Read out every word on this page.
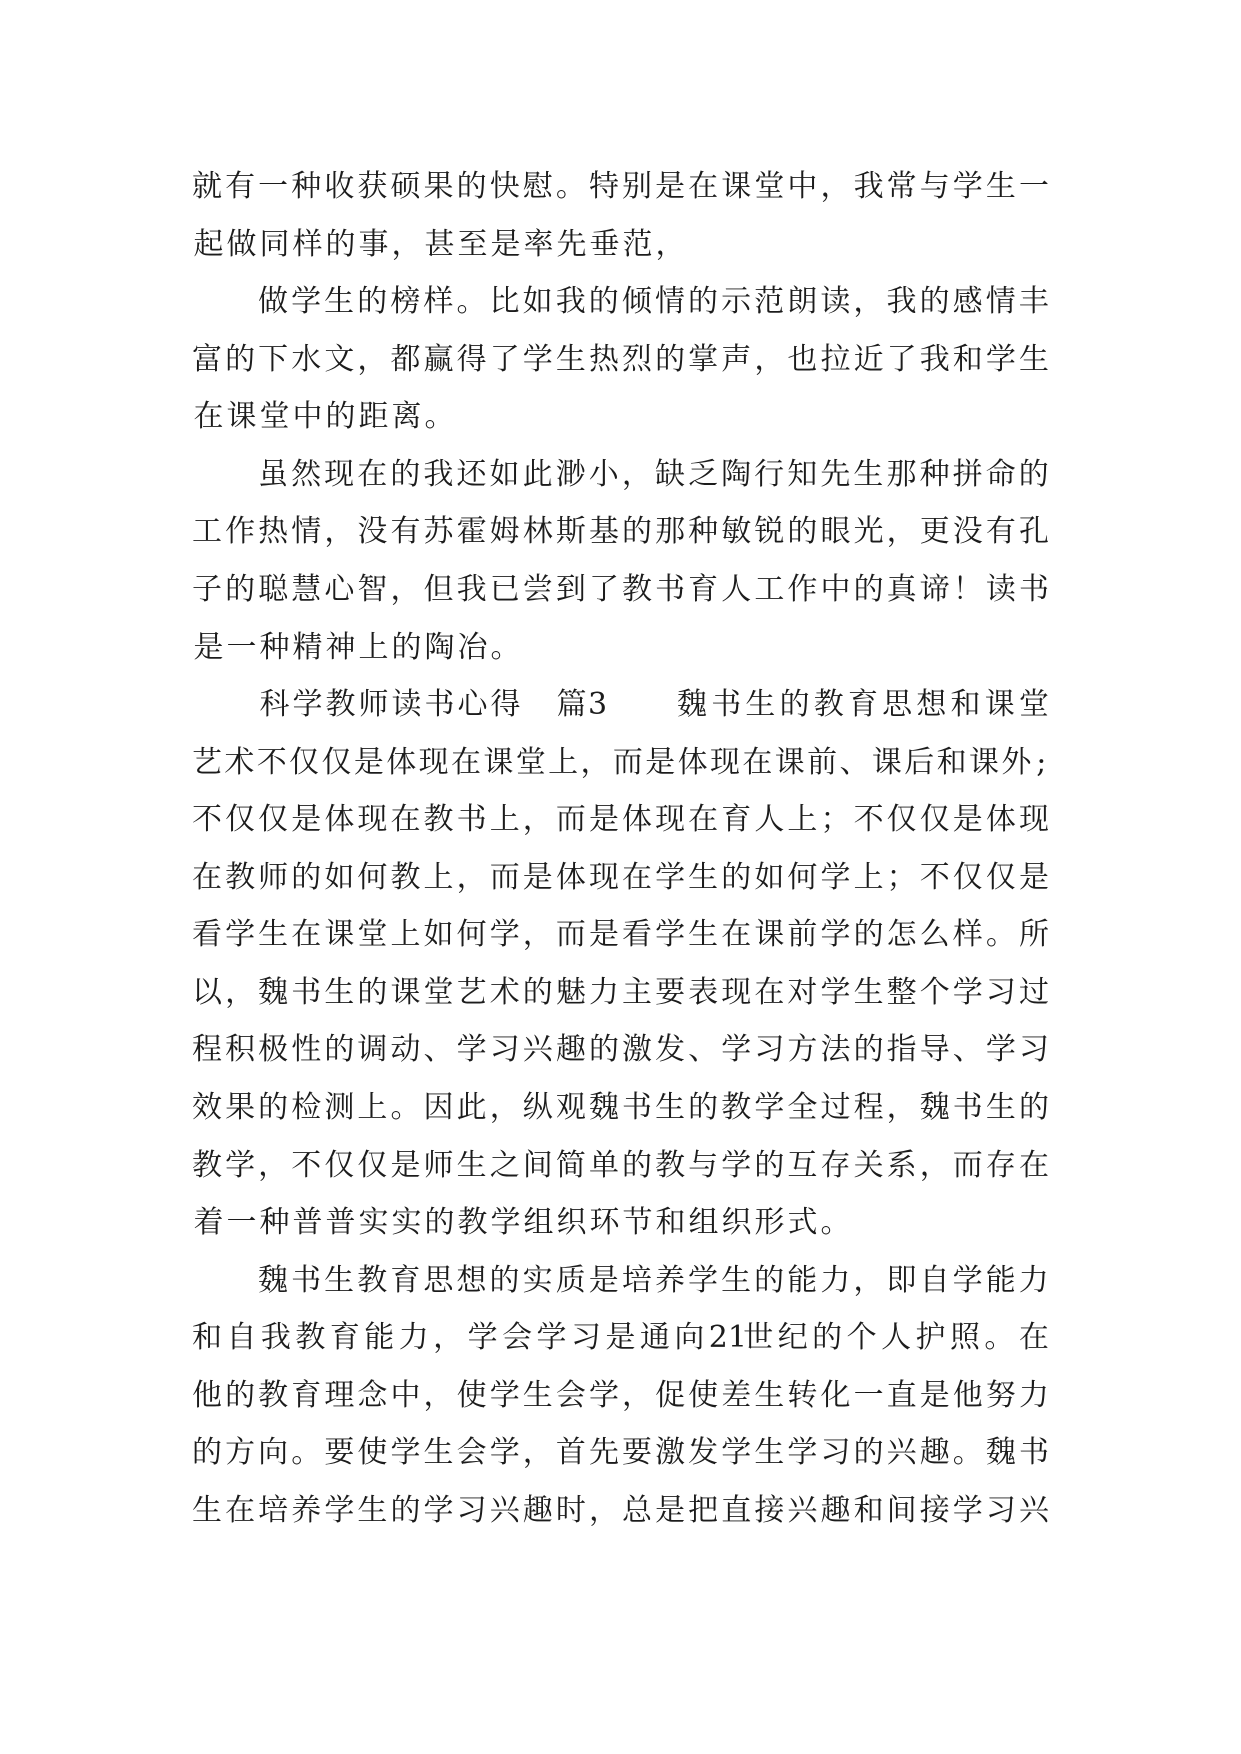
就 有 一 种 收 获 硕 果 的 快 慰 。 特 别 是 在 课 堂 中 ， 我 常 与 学 生 一
起 做 同 样 的 事 ， 甚 至 是 率 先 垂 范 ，
做 学 生 的 榜 样 。 比 如 我 的 倾 情 的 示 范 朗 读 ， 我 的 感 情 丰
富 的 下 水 文 ， 都 赢 得 了 学 生 热 烈 的 掌 声 ， 也 拉 近 了 我 和 学 生
在 课 堂 中 的 距 离 。
虽 然 现 在 的 我 还 如 此 渺 小 ， 缺 乏 陶 行 知 先 生 那 种 拼 命 的
工 作 热 情 ， 没 有 苏 霍 姆 林 斯 基 的 那 种 敏 锐 的 眼 光 ， 更 没 有 孔
子 的 聪 慧 心 智 ， 但 我 已 尝 到 了 教 书 育 人 工 作 中 的 真 谛 ！ 读 书
是 一 种 精 神 上 的 陶 冶 。

科 学 教 师 读 书 心 得 篇3

魏 书 生 的 教 育 思 想 和 课 堂

艺 术 不 仅 仅 是 体 现 在 课 堂 上 ， 而 是 体 现 在 课 前 、 课 后 和 课 外 ;
不 仅 仅 是 体 现 在 教 书 上 ， 而 是 体 现 在 育 人 上 ； 不 仅 仅 是 体 现
在 教 师 的 如 何 教 上 ， 而 是 体 现 在 学 生 的 如 何 学 上 ； 不 仅 仅 是
看 学 生 在 课 堂 上 如 何 学 ， 而 是 看 学 生 在 课 前 学 的 怎 么 样 。 所
以 ， 魏 书 生 的 课 堂 艺 术 的 魅 力 主 要 表 现 在 对 学 生 整 个 学 习 过
程 积 极 性 的 调 动 、 学 习 兴 趣 的 激 发 、 学 习 方 法 的 指 导 、 学 习
效 果 的 检 测 上 。 因 此 ， 纵 观 魏 书 生 的 教 学 全 过 程 ， 魏 书 生 的
教 学 ， 不 仅 仅 是 师 生 之 间 简 单 的 教 与 学 的 互 存 关 系 ， 而 存 在
着 一 种 普 普 实 实 的 教 学 组 织 环 节 和 组 织 形 式 。
魏 书 生 教 育 思 想 的 实 质 是 培 养 学 生 的 能 力 ， 即 自 学 能 力
和 自 我 教 育 能 力 ， 学 会 学 习 是 通 向 21
世 纪 的 个 人 护 照 。 在
他 的 教 育 理 念 中 ， 使 学 生 会 学 ， 促 使 差 生 转 化 一 直 是 他 努 力
的 方 向 。 要 使 学 生 会 学 ， 首 先 要 激 发 学 生 学 习 的 兴 趣 。 魏 书
生 在 培 养 学 生 的 学 习 兴 趣 时 ， 总 是 把 直 接 兴 趣 和 间 接 学 习 兴
